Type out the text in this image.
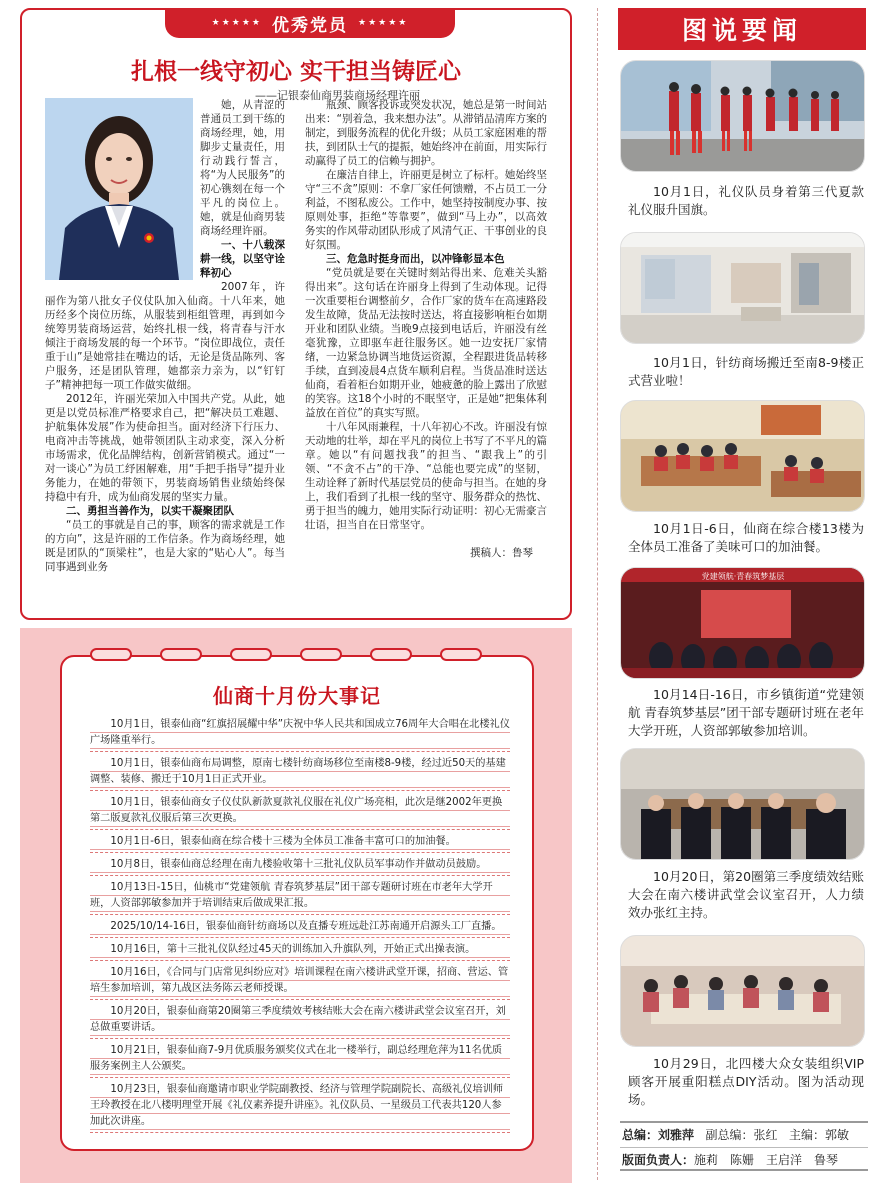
★★★★★ 优秀党员 ★★★★★
扎根一线守初心 实干担当铸匠心
——记银泰仙商男装商场经理许丽

她，从青涩的普通员工到干练的商场经理，她，用脚步丈量责任，用行动践行誓言，将“为人民服务”的初心镌刻在每一个平凡的岗位上。她，就是仙商男装商场经理许丽。

一、十八载深耕一线，以坚守诠释初心

2007年，许丽作为第八批女子仪仗队加入仙商。十八年来，她历经多个岗位历练，从服装到柜组管理，再到如今统筹男装商场运营，始终扎根一线，将青春与汗水倾注于商场发展的每一个环节。“岗位即战位，责任重于山”是她常挂在嘴边的话，无论是货品陈列、客户服务，还是团队管理，她都亲力亲为，以“钉钉子”精神把每一项工作做实做细。

2012年，许丽光荣加入中国共产党。从此，她更是以党员标准严格要求自己，把“解决员工难题、护航集体发展”作为使命担当。面对经济下行压力、电商冲击等挑战，她带领团队主动求变，深入分析市场需求，优化品牌结构，创新营销模式。通过“一对一谈心”为员工纾困解难，用“手把手指导”提升业务能力，在她的带领下，男装商场销售业绩始终保持稳中有升，成为仙商发展的坚实力量。

二、勇担当善作为，以实干凝聚团队

“员工的事就是自己的事，顾客的需求就是工作的方向”，这是许丽的工作信条。作为商场经理，她既是团队的“顶梁柱”，也是大家的“贴心人”。每当同事遇到业务

瓶颈、顾客投诉或突发状况，她总是第一时间站出来：“别着急，我来想办法”。从滞销品清库方案的制定，到服务流程的优化升级；从员工家庭困难的帮扶，到团队士气的提振，她始终冲在前面，用实际行动赢得了员工的信赖与拥护。

在廉洁自律上，许丽更是树立了标杆。她始终坚守“三不贪”原则：不拿厂家任何馈赠，不占员工一分利益，不图私废公。工作中，她坚持按制度办事、按原则处事，拒绝“等靠要”，做到“马上办”，以高效务实的作风带动团队形成了风清气正、干事创业的良好氛围。

三、危急时挺身而出，以冲锋彰显本色

“党员就是要在关键时刻站得出来、危难关头豁得出来”。这句话在许丽身上得到了生动体现。记得一次重要柜台调整前夕，合作厂家的货车在高速路段发生故障，货品无法按时送达，将直接影响柜台如期开业和团队业绩。当晚9点接到电话后，许丽没有丝毫犹豫，立即驱车赶往服务区。她一边安抚厂家情绪，一边紧急协调当地货运资源，全程跟进货品转移手续，直到凌晨4点货车顺利启程。当货品准时送达仙商，看着柜台如期开业，她疲惫的脸上露出了欣慰的笑容。这18个小时的不眠坚守，正是她“把集体利益放在首位”的真实写照。

十八年风雨兼程，十八年初心不改。许丽没有惊天动地的壮举，却在平凡的岗位上书写了不平凡的篇章。她以“有问题找我”的担当、“跟我上”的引领、“不贪不占”的干净、“总能也要完成”的坚韧，生动诠释了新时代基层党员的使命与担当。在她的身上，我们看到了扎根一线的坚守、服务群众的热忱、勇于担当的魄力，她用实际行动证明：初心无需豪言壮语，担当自在日常坚守。

撰稿人：鲁琴
仙商十月份大事记
10月1日，银泰仙商“红旗招展耀中华”庆祝中华人民共和国成立76周年大合唱在北楼礼仪广场隆重举行。
10月1日，银泰仙商布局调整，原南七楼针纺商场移位至南楼8-9楼，经过近50天的基建调整、装修、搬迁于10月1日正式开业。
10月1日，银泰仙商女子仪仗队新款夏款礼仪服在礼仪广场亮相，此次是继2002年更换第二版夏款礼仪服后第三次更换。
10月1日-6日，银泰仙商在综合楼十三楼为全体员工准备丰富可口的加油餐。
10月8日，银泰仙商总经理在南九楼验收第十三批礼仪队员军事动作并做动员鼓励。
10月13日-15日，仙桃市“党建领航 青春筑梦基层”团干部专题研讨班在市老年大学开班，人资部郭敏参加并于培训结束后做成果汇报。
2025/10/14-16日，银泰仙商针纺商场以及直播专班远赴江苏南通开启源头工厂直播。
10月16日，第十三批礼仪队经过45天的训练加入升旗队列，开始正式出操表演。
10月16日，《合同与门店常见纠纷应对》培训课程在南六楼讲武堂开课，招商、营运、管培生参加培训，第九战区法务陈云老师授课。
10月20日，银泰仙商第20圈第三季度绩效考核结账大会在南六楼讲武堂会议室召开，刘总做重要讲话。
10月21日，银泰仙商7-9月优质服务颁奖仪式在北一楼举行，副总经理危萍为11名优质服务案例主人公颁奖。
10月23日，银泰仙商邀请市职业学院副教授、经济与管理学院副院长、高级礼仪培训师王玲教授在北八楼明理堂开展《礼仪素养提升讲座》。礼仪队员、一星级员工代表共120人参加此次讲座。
图说要闻
10月1日，礼仪队员身着第三代夏款礼仪服升国旗。
10月1日，针纺商场搬迁至南8-9楼正式营业啦！
10月1日-6日，仙商在综合楼13楼为全体员工准备了美味可口的加油餐。
党建领航·青春筑梦基层
10月14日-16日，市乡镇街道“党建领航 青春筑梦基层”团干部专题研讨班在老年大学开班，人资部郭敏参加培训。
10月20日，第20圈第三季度绩效结账大会在南六楼讲武堂会议室召开，人力绩效办张红主持。
10月29日，北四楼大众女装组织VIP顾客开展重阳糕点DIY活动。图为活动现场。
总编：刘雅萍 副总编：张红 主编：郭敏
版面负责人：施莉　陈姗　王启洋　鲁琴
